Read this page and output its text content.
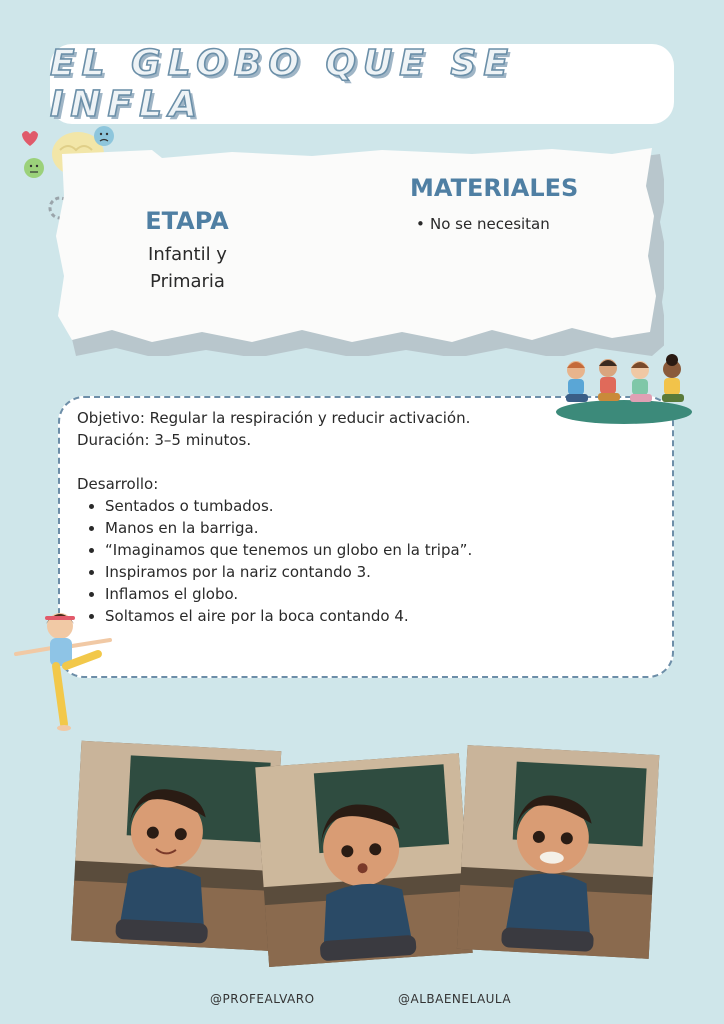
EL GLOBO QUE SE INFLA
ETAPA
Infantil y
Primaria
MATERIALES
• No se necesitan

Objetivo: Regular la respiración y reducir activación.

Duración: 3–5 minutos.

Desarrollo:

• Sentados o tumbados.
• Manos en la barriga.
• “Imaginamos que tenemos un globo en la tripa”.
• Inspiramos por la nariz contando 3.
• Inflamos el globo.
• Soltamos el aire por la boca contando 4.
@PROFEALVARO	@ALBAENELAULA
